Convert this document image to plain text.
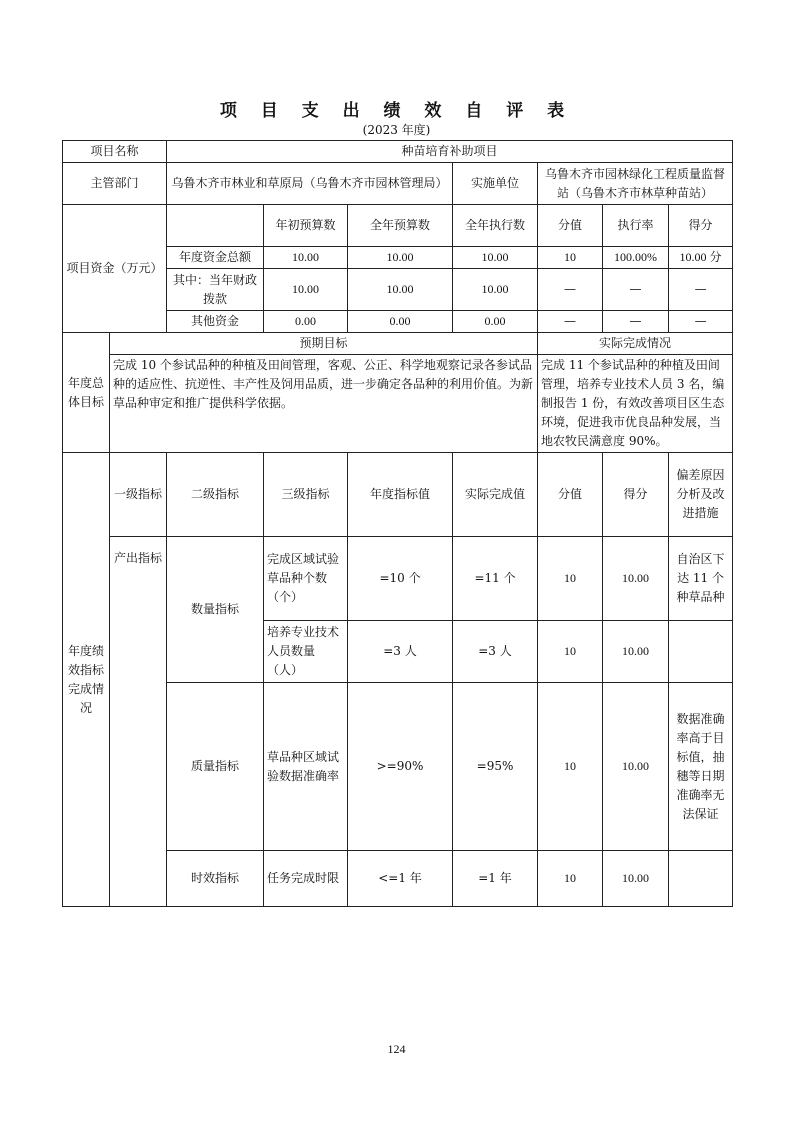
项 目 支 出 绩 效 自 评 表
(2023 年度)
项目名称		种苗培育补助项目						
主管部门		乌鲁木齐市林业和草原局（乌鲁木齐市园林管理局）			实施单位	乌鲁木齐市园林绿化工程质量监督站（乌鲁木齐市林草种苗站）		
项目资金（万元）			年初预算数	全年预算数	全年执行数	分值	执行率	得分
		年度资金总额	10.00	10.00	10.00	10	100.00%	10.00 分
		其中：当年财政拨款	10.00	10.00	10.00	—	—	—
		其他资金	0.00	0.00	0.00	—	—	—
年度总体目标	预期目标					实际完成情况		
	完成 10 个参试品种的种植及田间管理，客观、公正、科学地观察记录各参试品种的适应性、抗逆性、丰产性及饲用品质，进一步确定各品种的利用价值。为新草品种审定和推广提供科学依据。					完成 11 个参试品种的种植及田间管理，培养专业技术人员 3 名，编制报告 1 份，有效改善项目区生态环境，促进我市优良品种发展，当地农牧民满意度 90%。		
年度绩效指标完成情况	一级指标	二级指标	三级指标	年度指标值	实际完成值	分值	得分	偏差原因分析及改进措施
	产出指标	数量指标	完成区域试验草品种个数（个）	=10 个	=11 个	10	10.00	自治区下达 11 个种草品种
			培养专业技术人员数量（人）	=3 人	=3 人	10	10.00	
		质量指标	草品种区域试验数据准确率	>=90%	=95%	10	10.00	数据准确率高于目标值，抽穗等日期准确率无法保证
		时效指标	任务完成时限	<=1 年	=1 年	10	10.00	
124
